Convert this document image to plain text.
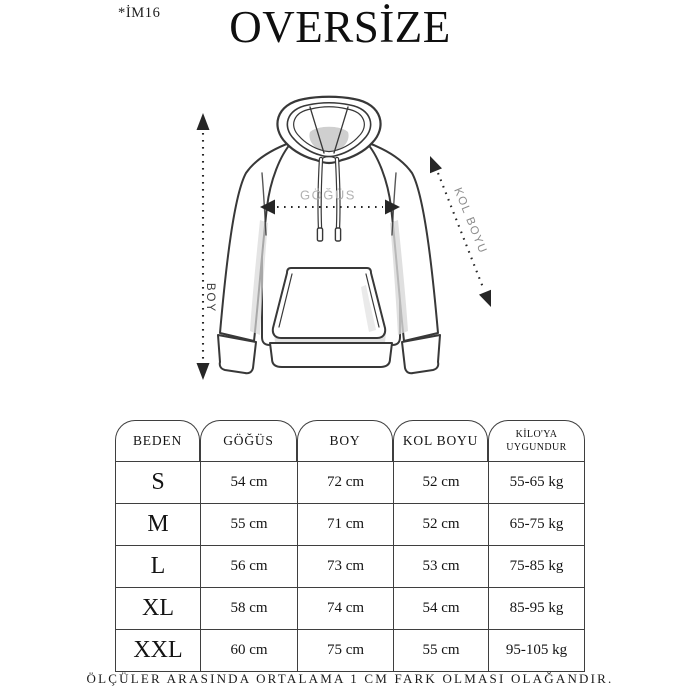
*İM16 OVERSİZE
BOY
GÖĞÜS	KOL BOYU
BEDEN	GÖĞÜS	BOY	KOL BOYU	KİLO'YA UYGUNDUR
S	54 cm	72 cm	52 cm	55-65 kg
M	55 cm	71 cm	52 cm	65-75 kg
L	56 cm	73 cm	53 cm	75-85 kg
XL	58 cm	74 cm	54 cm	85-95 kg
XXL	60 cm	75 cm	55 cm	95-105 kg
ÖLÇÜLER ARASINDA ORTALAMA 1 CM FARK OLMASI OLAĞANDIR.
